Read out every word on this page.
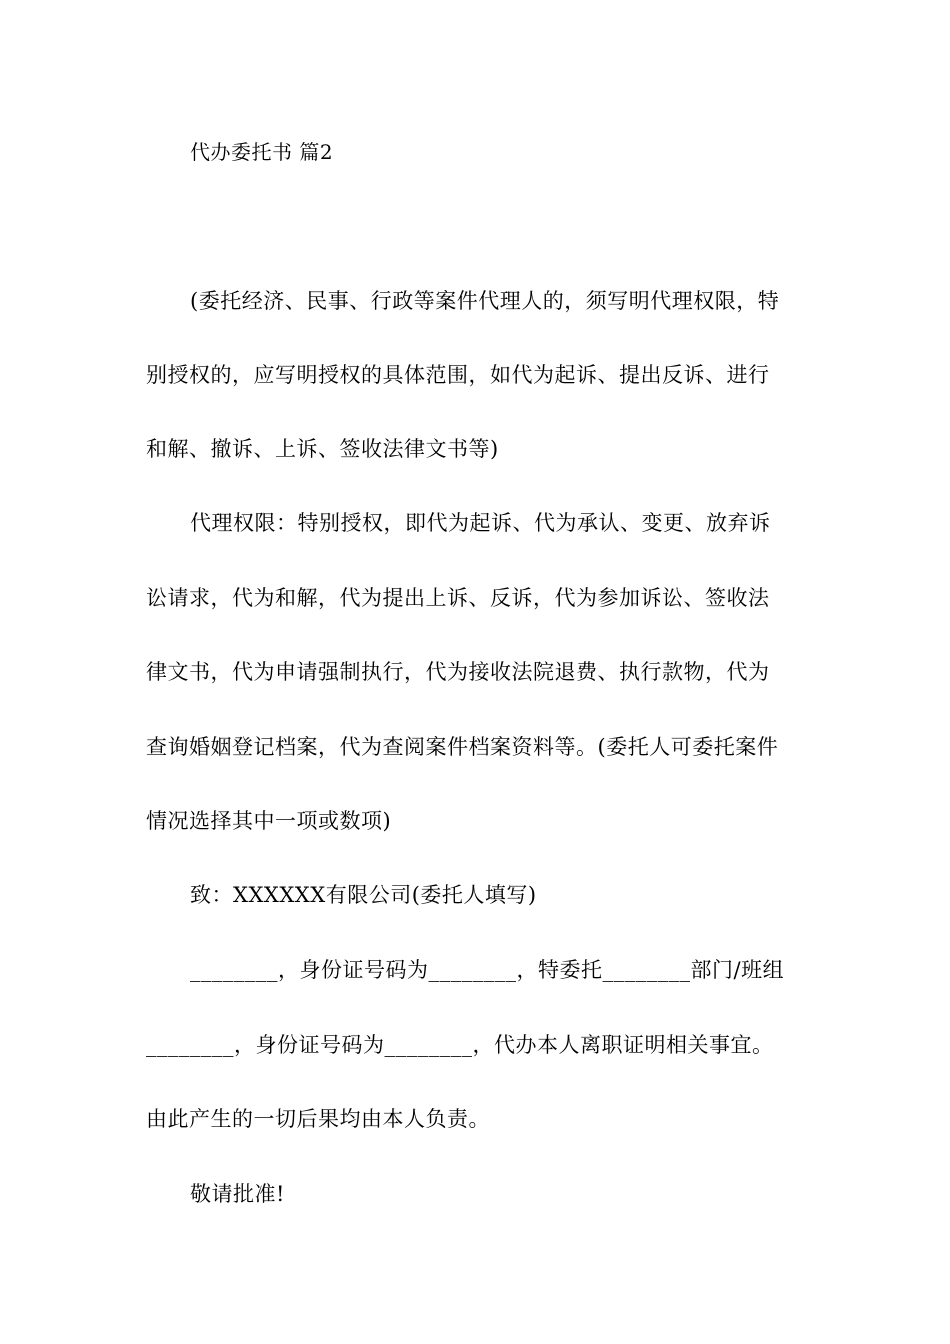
代办委托书 篇2
(委托经济、民事、行政等案件代理人的，须写明代理权限，特
别授权的，应写明授权的具体范围，如代为起诉、提出反诉、进行
和解、撤诉、上诉、签收法律文书等)
代理权限：特别授权，即代为起诉、代为承认、变更、放弃诉
讼请求，代为和解，代为提出上诉、反诉，代为参加诉讼、签收法
律文书，代为申请强制执行，代为接收法院退费、执行款物，代为
查询婚姻登记档案，代为查阅案件档案资料等。(委托人可委托案件
情况选择其中一项或数项)
致：XXXXXX有限公司(委托人填写)
________，身份证号码为________，特委托________部门/班组
________，身份证号码为________，代办本人离职证明相关事宜。
由此产生的一切后果均由本人负责。
敬请批准!
